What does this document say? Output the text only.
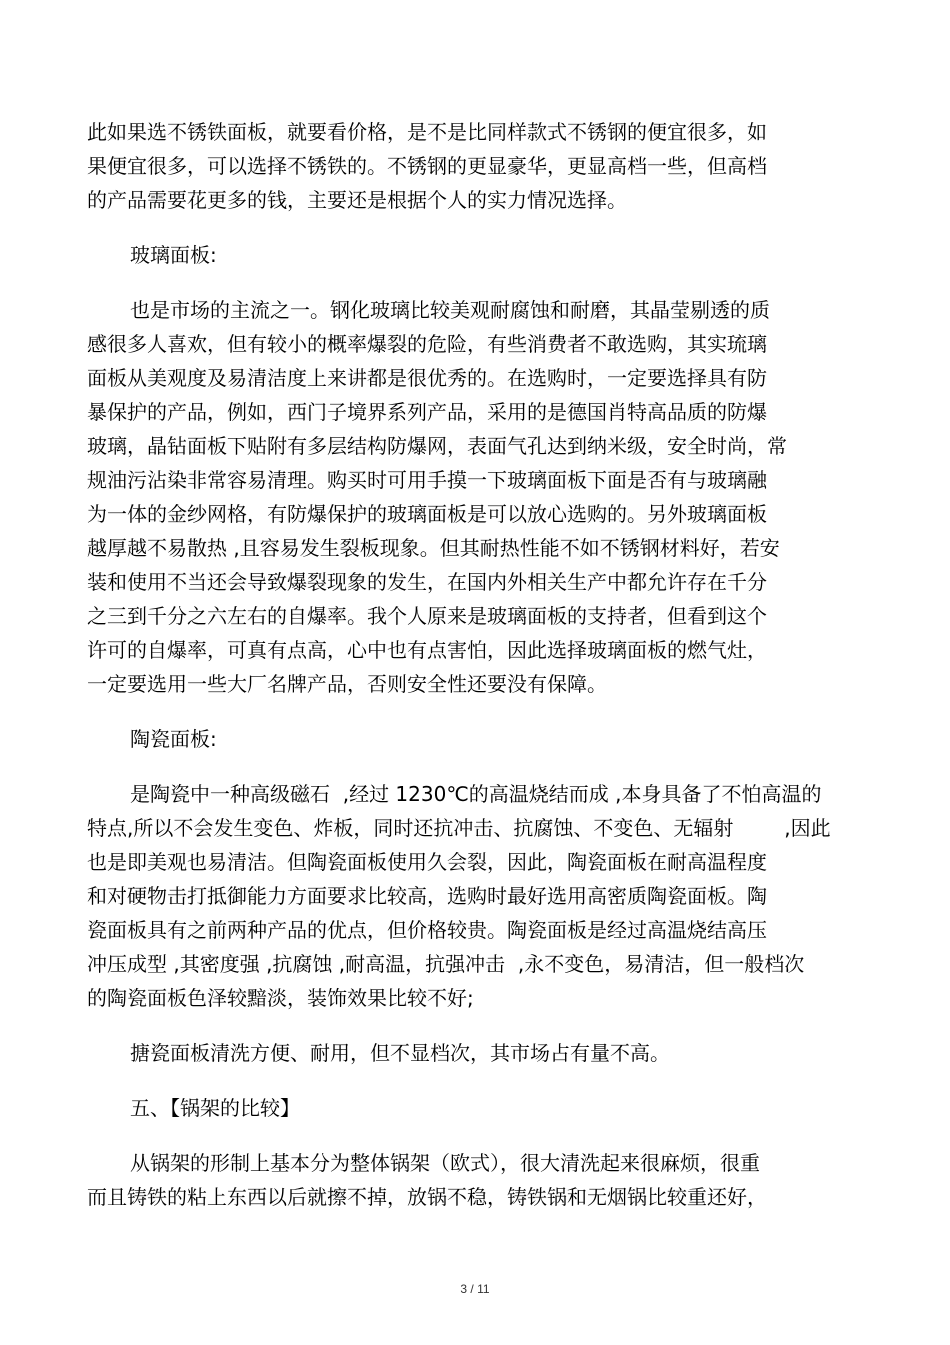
此如果选不锈铁面板，就要看价格，是不是比同样款式不锈钢的便宜很多，如
果便宜很多，可以选择不锈铁的。不锈钢的更显豪华，更显高档一些，但高档
的产品需要花更多的钱，主要还是根据个人的实力情况选择。
玻璃面板:
也是市场的主流之一。钢化玻璃比较美观耐腐蚀和耐磨，其晶莹剔透的质
感很多人喜欢，但有较小的概率爆裂的危险，有些消费者不敢选购，其实琉璃
面板从美观度及易清洁度上来讲都是很优秀的。在选购时，一定要选择具有防
暴保护的产品，例如，西门子境界系列产品，采用的是德国肖特高品质的防爆
玻璃，晶钻面板下贴附有多层结构防爆网，表面气孔达到纳米级，安全时尚，常
规油污沾染非常容易清理。购买时可用手摸一下玻璃面板下面是否有与玻璃融
为一体的金纱网格，有防爆保护的玻璃面板是可以放心选购的。另外玻璃面板
越厚越不易散热 ,且容易发生裂板现象。但其耐热性能不如不锈钢材料好，若安
装和使用不当还会导致爆裂现象的发生，在国内外相关生产中都允许存在千分
之三到千分之六左右的自爆率。我个人原来是玻璃面板的支持者，但看到这个
许可的自爆率，可真有点高，心中也有点害怕，因此选择玻璃面板的燃气灶，
一定要选用一些大厂名牌产品，否则安全性还要没有保障。
陶瓷面板:
是陶瓷中一种高级磁石  ,经过 1230℃的高温烧结而成 ,本身具备了不怕高温的
特点,所以不会发生变色、炸板，同时还抗冲击、抗腐蚀、不变色、无辐射        ,因此
也是即美观也易清洁。但陶瓷面板使用久会裂，因此，陶瓷面板在耐高温程度
和对硬物击打抵御能力方面要求比较高，选购时最好选用高密质陶瓷面板。陶
瓷面板具有之前两种产品的优点，但价格较贵。陶瓷面板是经过高温烧结高压
冲压成型 ,其密度强 ,抗腐蚀 ,耐高温，抗强冲击  ,永不变色，易清洁，但一般档次
的陶瓷面板色泽较黯淡，装饰效果比较不好;
搪瓷面板清洗方便、耐用，但不显档次，其市场占有量不高。
五、【锅架的比较】
从锅架的形制上基本分为整体锅架（欧式），很大清洗起来很麻烦，很重
而且铸铁的粘上东西以后就擦不掉，放锅不稳，铸铁锅和无烟锅比较重还好，
3 / 11
